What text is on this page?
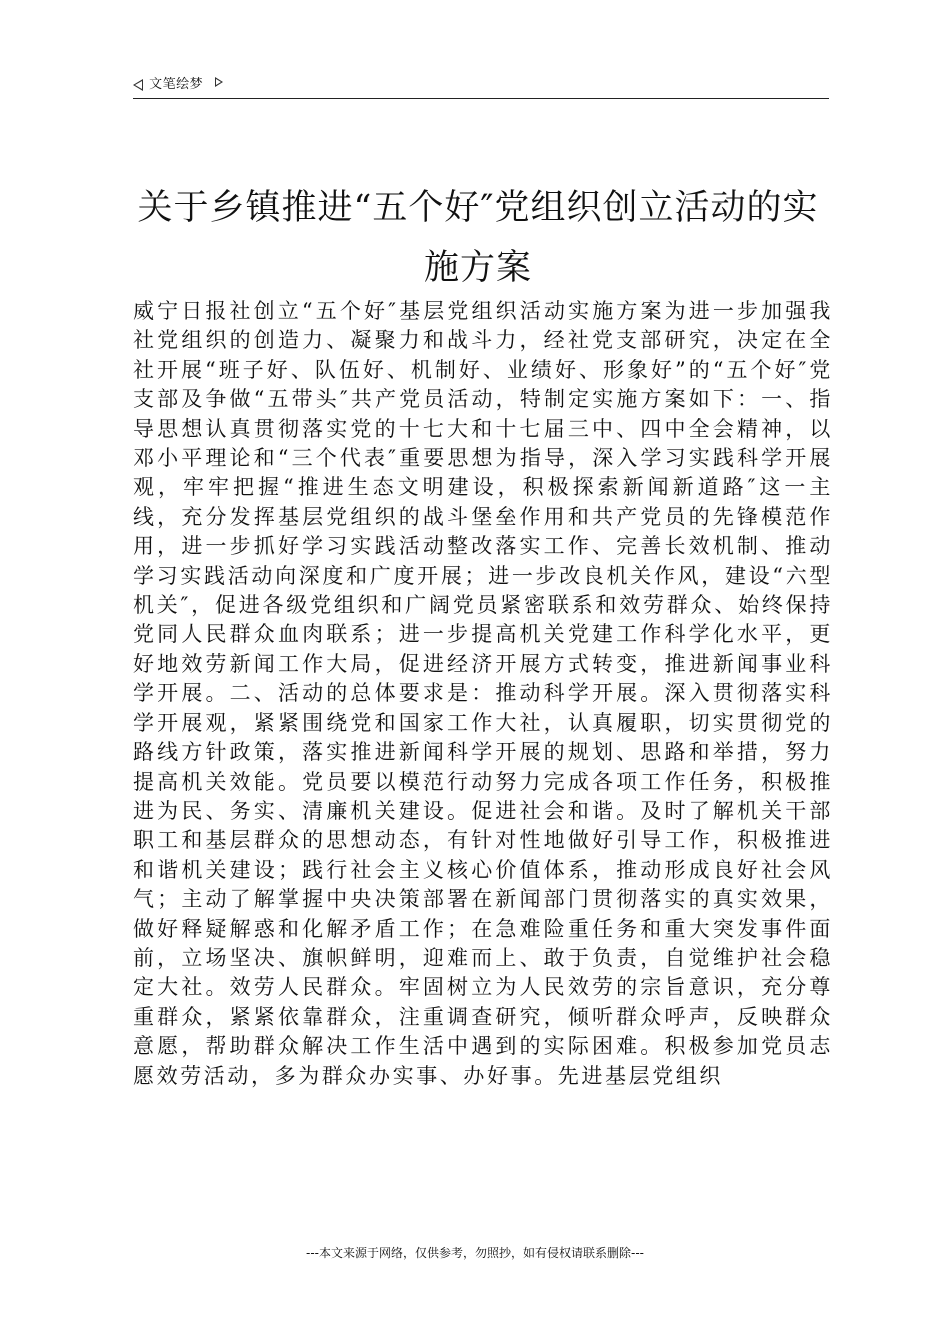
文笔绘梦
关于乡镇推进“五个好″党组织创立活动的实施方案

威宁日报社创立“五个好″基层党组织活动实施方案为进一步加强我社党组织的创造力、凝聚力和战斗力，经社党支部研究，决定在全社开展“班子好、队伍好、机制好、业绩好、形象好”的“五个好″党支部及争做“五带头″共产党员活动，特制定实施方案如下：一、指导思想认真贯彻落实党的十七大和十七届三中、四中全会精神，以邓小平理论和“三个代表″重要思想为指导，深入学习实践科学开展观，牢牢把握“推进生态文明建设，积极探索新闻新道路″这一主线，充分发挥基层党组织的战斗堡垒作用和共产党员的先锋模范作用，进一步抓好学习实践活动整改落实工作、完善长效机制、推动学习实践活动向深度和广度开展；进一步改良机关作风，建设“六型机关″，促进各级党组织和广阔党员紧密联系和效劳群众、始终保持党同人民群众血肉联系；进一步提高机关党建工作科学化水平，更好地效劳新闻工作大局，促进经济开展方式转变，推进新闻事业科学开展。二、活动的总体要求是：推动科学开展。深入贯彻落实科学开展观，紧紧围绕党和国家工作大社，认真履职，切实贯彻党的路线方针政策，落实推进新闻科学开展的规划、思路和举措，努力提高机关效能。党员要以模范行动努力完成各项工作任务，积极推进为民、务实、清廉机关建设。促进社会和谐。及时了解机关干部职工和基层群众的思想动态，有针对性地做好引导工作，积极推进和谐机关建设；践行社会主义核心价值体系，推动形成良好社会风气；主动了解掌握中央决策部署在新闻部门贯彻落实的真实效果，做好释疑解惑和化解矛盾工作；在急难险重任务和重大突发事件面前，立场坚决、旗帜鲜明，迎难而上、敢于负责，自觉维护社会稳定大社。效劳人民群众。牢固树立为人民效劳的宗旨意识，充分尊重群众，紧紧依靠群众，注重调查研究，倾听群众呼声，反映群众意愿，帮助群众解决工作生活中遇到的实际困难。积极参加党员志愿效劳活动，多为群众办实事、办好事。先进基层党组织

---本文来源于网络，仅供参考，勿照抄，如有侵权请联系删除---
